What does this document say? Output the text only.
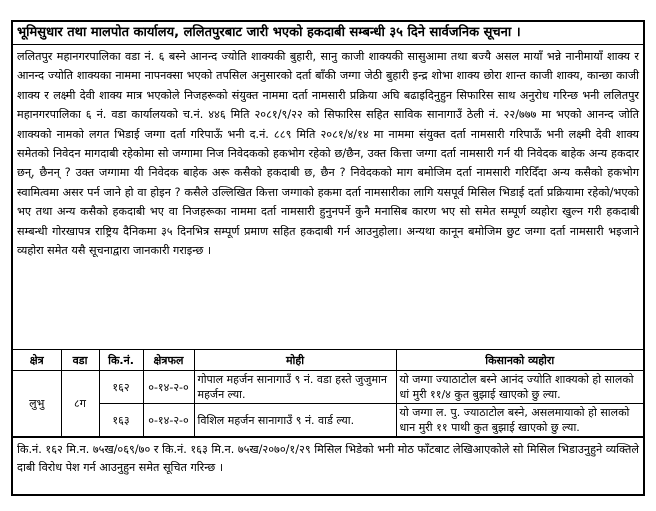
भूमिसुधार तथा मालपोत कार्यालय, ललितपुरबाट जारी भएको हकदाबी सम्बन्धी ३५ दिने सार्वजनिक सूचना ।
ललितपुर महानगरपालिका वडा नं. ६ बस्ने आनन्द ज्योति शाक्यकी बुहारी, सानु काजी शाक्यकी सासुआमा तथा बज्यै असल मायाँ भन्ने नानीमायाँ शाक्य र आनन्द ज्योति शाक्यका नाममा नापनक्सा भएको तपसिल अनुसारको दर्ता बाँकी जग्गा जेठी बुहारी इन्द्र शोभा शाक्य छोरा शान्त काजी शाक्य, कान्छा काजी शाक्य र लक्ष्मी देवी शाक्य मात्र भएकोले निजहरूको संयुक्त नाममा दर्ता नामसारी प्रक्रिया अघि बढाइदिनुहुन सिफारिस साथ अनुरोध गरिन्छ भनी ललितपुर महानगरपालिका ६ नं. वडा कार्यालयको च.नं. ४४६ मिति २०८१/९/२२ को सिफारिस सहित साविक सानागाउँ ठेली नं. २२/७७७ मा भएको आनन्द जोति शाक्यको नामको लगत भिडाई जग्गा दर्ता गरिपाऊँ भनी द.नं. ८८९ मिति २०८१/४/१४ मा नाममा संयुक्त दर्ता नामसारी गरिपाऊँ भनी लक्ष्मी देवी शाक्य समेतको निवेदन मागदाबी रहेकोमा सो जग्गामा निज निवेदकको हकभोग रहेको छ/छैन, उक्त कित्ता जग्गा दर्ता नामसारी गर्न यी निवेदक बाहेक अन्य हकदार छन्, छैनन् ? उक्त जग्गामा यी निवेदक बाहेक अरू कसैको हकदाबी छ, छैन ? निवेदकको माग बमोजिम दर्ता नामसारी गरिदिँदा अन्य कसैको हकभोग स्वामित्वमा असर पर्न जाने हो वा होइन ? कसैले उल्लिखित कित्ता जग्गाको हकमा दर्ता नामसारीका लागि यसपूर्व मिसिल भिडाई दर्ता प्रक्रियामा रहेको/भएको भए तथा अन्य कसैको हकदाबी भए वा निजहरूका नाममा दर्ता नामसारी हुनुनपर्ने कुनै मनासिब कारण भए सो समेत सम्पूर्ण व्यहोरा खुल्न गरी हकदाबी सम्बन्धी गोरखापत्र राष्ट्रिय दैनिकमा ३५ दिनभित्र सम्पूर्ण प्रमाण सहित हकदाबी गर्न आउनुहोला। अन्यथा कानून बमोजिम छुट जग्गा दर्ता नामसारी भइजाने व्यहोरा समेत यसै सूचनाद्वारा जानकारी गराइन्छ ।
क्षेत्र	वडा	कि.नं.	क्षेत्रफल	मोही	किसानको व्यहोरा
लुभु	८ग	१६२	०-१४-२-०	गोपाल महर्जन सानागाउँ ९ नं. वडा हस्ते जुजुमान महर्जन ल्या.	यो जग्गा ज्याठाटोल बस्ने आनंद ज्योति शाक्यको हो सालको धां मुरी ११/४ कुत बुझाई खाएको छु ल्या.
		१६३	०-१४-२-०	विशिल महर्जन सानागाउँ ९ नं. वार्ड ल्या.	यो जग्गा ल. पु. ज्याठाटोल बस्ने, असलमायाको हो सालको धान मुरी ११ पाथी कुत बुझाई खाएको छु ल्या.
कि.नं. १६२ मि.न. ७५ख/०६९/७० र कि.नं. १६३ मि.न. ७५ख/२०७०/१/२९ मिसिल भिडेको भनी मोठ फाँटबाट लेखिआएकोले सो मिसिल भिडाउनुहुने व्यक्तिले दाबी विरोध पेश गर्न आउनुहुन समेत सूचित गरिन्छ ।
